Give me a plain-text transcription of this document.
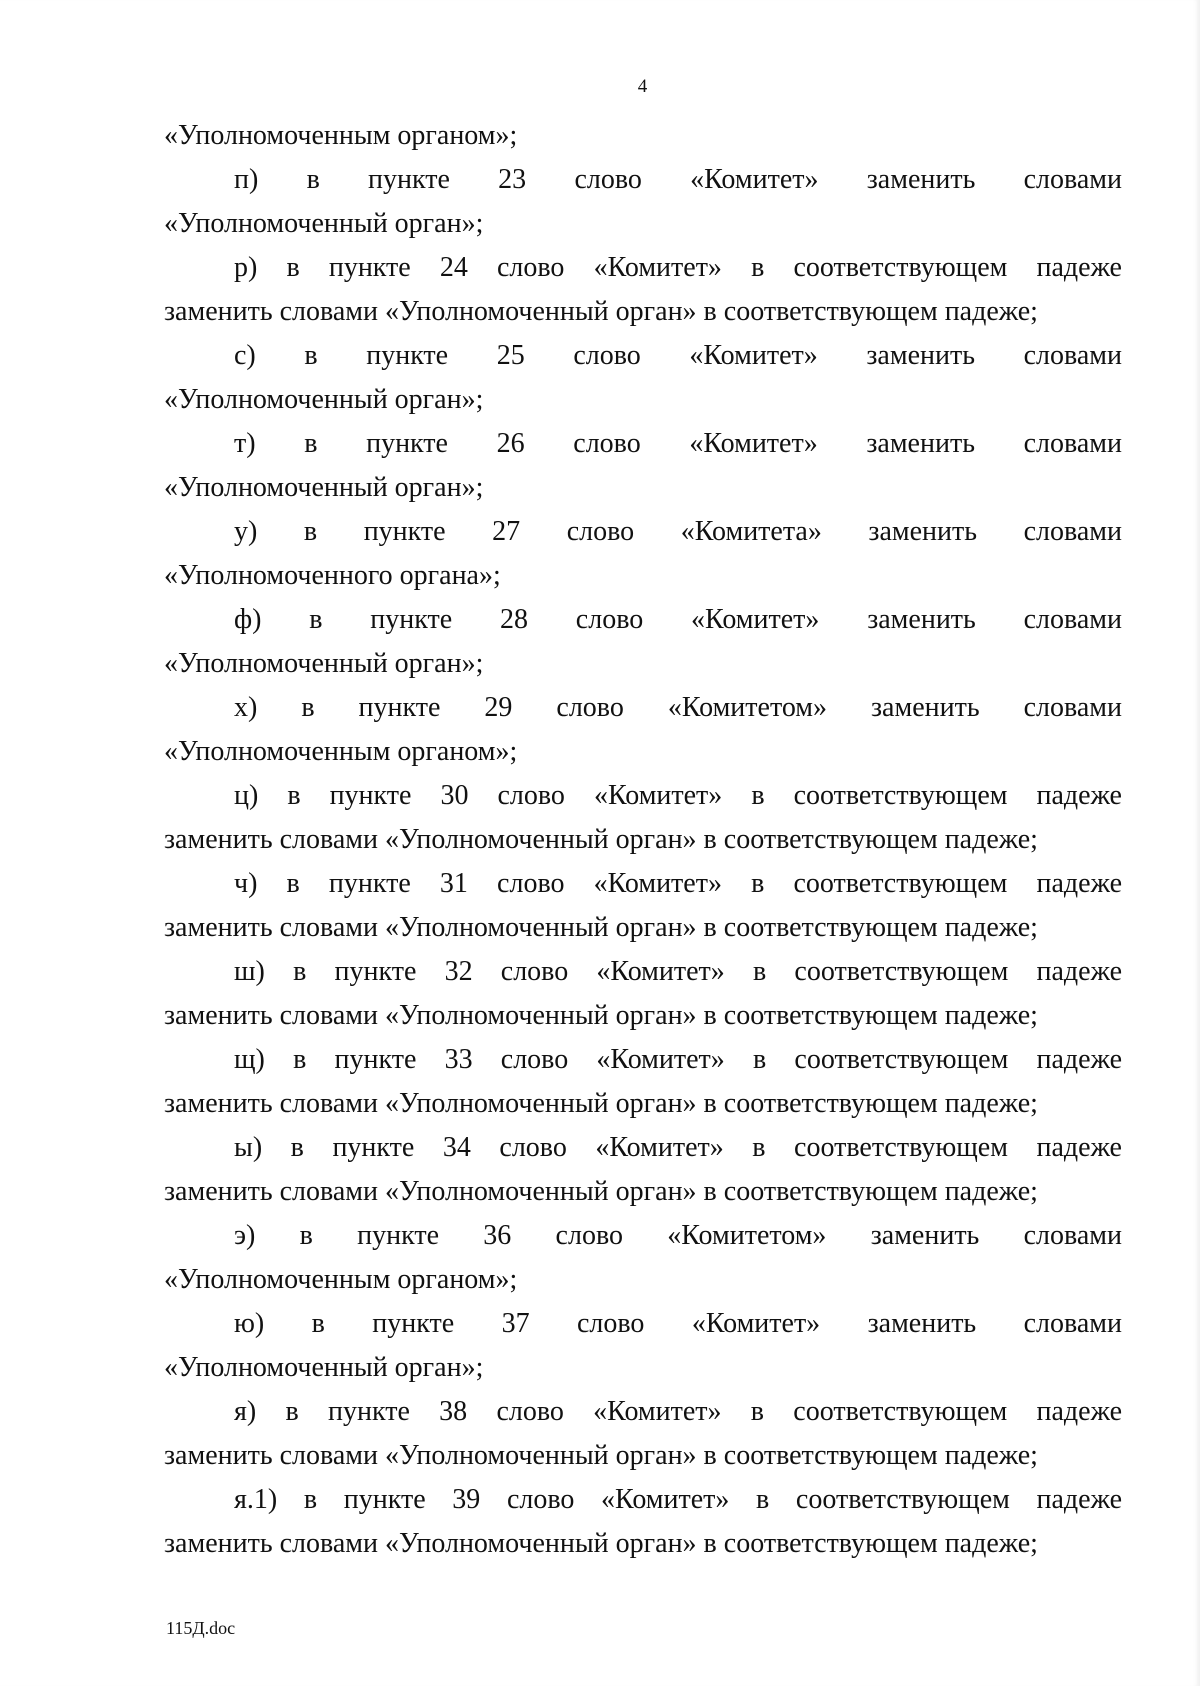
4
«Уполномоченным органом»;
п) в пункте 23 слово «Комитет» заменить словами
«Уполномоченный орган»;
р) в пункте 24 слово «Комитет» в соответствующем падеже
заменить словами «Уполномоченный орган» в соответствующем падеже;
с) в пункте 25 слово «Комитет» заменить словами
«Уполномоченный орган»;
т) в пункте 26 слово «Комитет» заменить словами
«Уполномоченный орган»;
у) в пункте 27 слово «Комитета» заменить словами
«Уполномоченного органа»;
ф) в пункте 28 слово «Комитет» заменить словами
«Уполномоченный орган»;
х) в пункте 29 слово «Комитетом» заменить словами
«Уполномоченным органом»;
ц) в пункте 30 слово «Комитет» в соответствующем падеже
заменить словами «Уполномоченный орган» в соответствующем падеже;
ч) в пункте 31 слово «Комитет» в соответствующем падеже
заменить словами «Уполномоченный орган» в соответствующем падеже;
ш) в пункте 32 слово «Комитет» в соответствующем падеже
заменить словами «Уполномоченный орган» в соответствующем падеже;
щ) в пункте 33 слово «Комитет» в соответствующем падеже
заменить словами «Уполномоченный орган» в соответствующем падеже;
ы) в пункте 34 слово «Комитет» в соответствующем падеже
заменить словами «Уполномоченный орган» в соответствующем падеже;
э) в пункте 36 слово «Комитетом» заменить словами
«Уполномоченным органом»;
ю) в пункте 37 слово «Комитет» заменить словами
«Уполномоченный орган»;
я) в пункте 38 слово «Комитет» в соответствующем падеже
заменить словами «Уполномоченный орган» в соответствующем падеже;
я.1) в пункте 39 слово «Комитет» в соответствующем падеже
заменить словами «Уполномоченный орган» в соответствующем падеже;
115Д.doc
